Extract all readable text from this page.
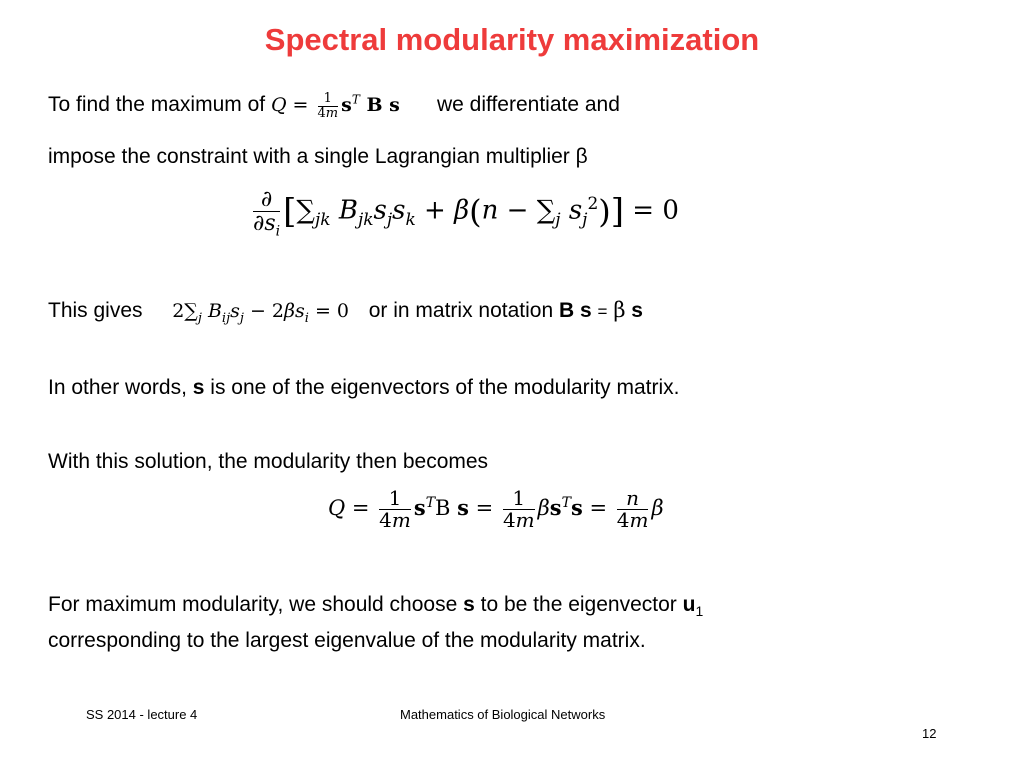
Spectral modularity maximization
To find the maximum of $Q = \frac{1}{4m} s^T$ B s we differentiate and
impose the constraint with a single Lagrangian multiplier β
$\frac{\partial}{\partial s_i} [\sum_{jk}$ $B_{jk}s_js_k + \beta(n - \sum_j$ $s_j^2)] = 0$
This gives $2\sum_j$ $B_{ij}s_j - 2\beta s_i = 0$ or in matrix notation B s = β s
In other words, s is one of the eigenvectors of the modularity matrix.
With this solution, the modularity then becomes
$Q = \frac{1}{4m} s^TB$ $s = \frac{1}{4m} \beta s^Ts = \frac{n}{4m}$ β
For maximum modularity, we should choose s to be the eigenvector $u_1$
corresponding to the largest eigenvalue of the modularity matrix.
SS 2014 - lecture 4	Mathematics of Biological Networks
12
